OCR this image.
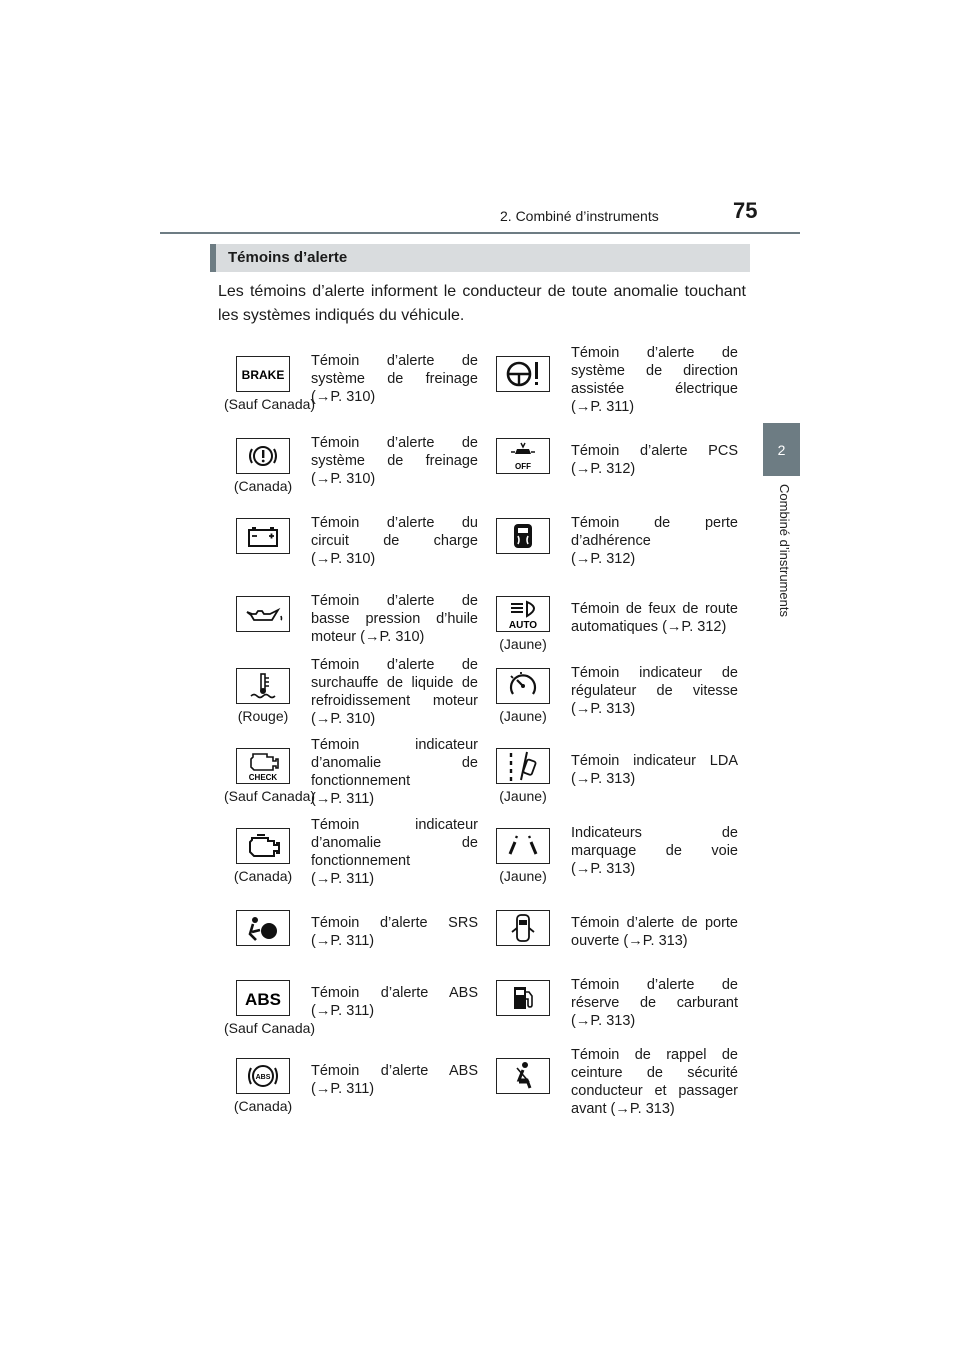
2. Combiné d’instruments	75
2
Combiné d’instruments
Témoins d’alerte
Les témoins d’alerte informent le conducteur de toute anomalie touchant les systèmes indiqués du véhicule.
BRAKE
(Sauf Canada)
Témoin d’alerte de
système de freinage
(→P. 310)
(Canada)
Témoin d’alerte de
système de freinage
(→P. 310)
Témoin d’alerte du
circuit de charge
(→P. 310)
Témoin d’alerte de
basse pression d’huile
moteur (→P. 310)
(Rouge)
Témoin d’alerte de
surchauffe de liquide de
refroidissement moteur
(→P. 310)
CHECK
(Sauf Canada)
Témoin indicateur
d’anomalie de
fonctionnement
(→P. 311)
(Canada)
Témoin indicateur
d’anomalie de
fonctionnement
(→P. 311)
Témoin d’alerte SRS
(→P. 311)
ABS
(Sauf Canada)
Témoin d’alerte ABS
(→P. 311)
ABS
(Canada)
Témoin d’alerte ABS
(→P. 311)
Témoin d’alerte de
système de direction
assistée électrique
(→P. 311)
OFF
Témoin d’alerte PCS
(→P. 312)
Témoin de perte
d’adhérence
(→P. 312)
AUTO
(Jaune)
Témoin de feux de route
automatiques (→P. 312)
(Jaune)
Témoin indicateur de
régulateur de vitesse
(→P. 313)
(Jaune)
Témoin indicateur LDA
(→P. 313)
(Jaune)
Indicateurs de
marquage de voie
(→P. 313)
Témoin d’alerte de porte
ouverte (→P. 313)
Témoin d’alerte de
réserve de carburant
(→P. 313)
Témoin de rappel de
ceinture de sécurité
conducteur et passager
avant (→P. 313)
